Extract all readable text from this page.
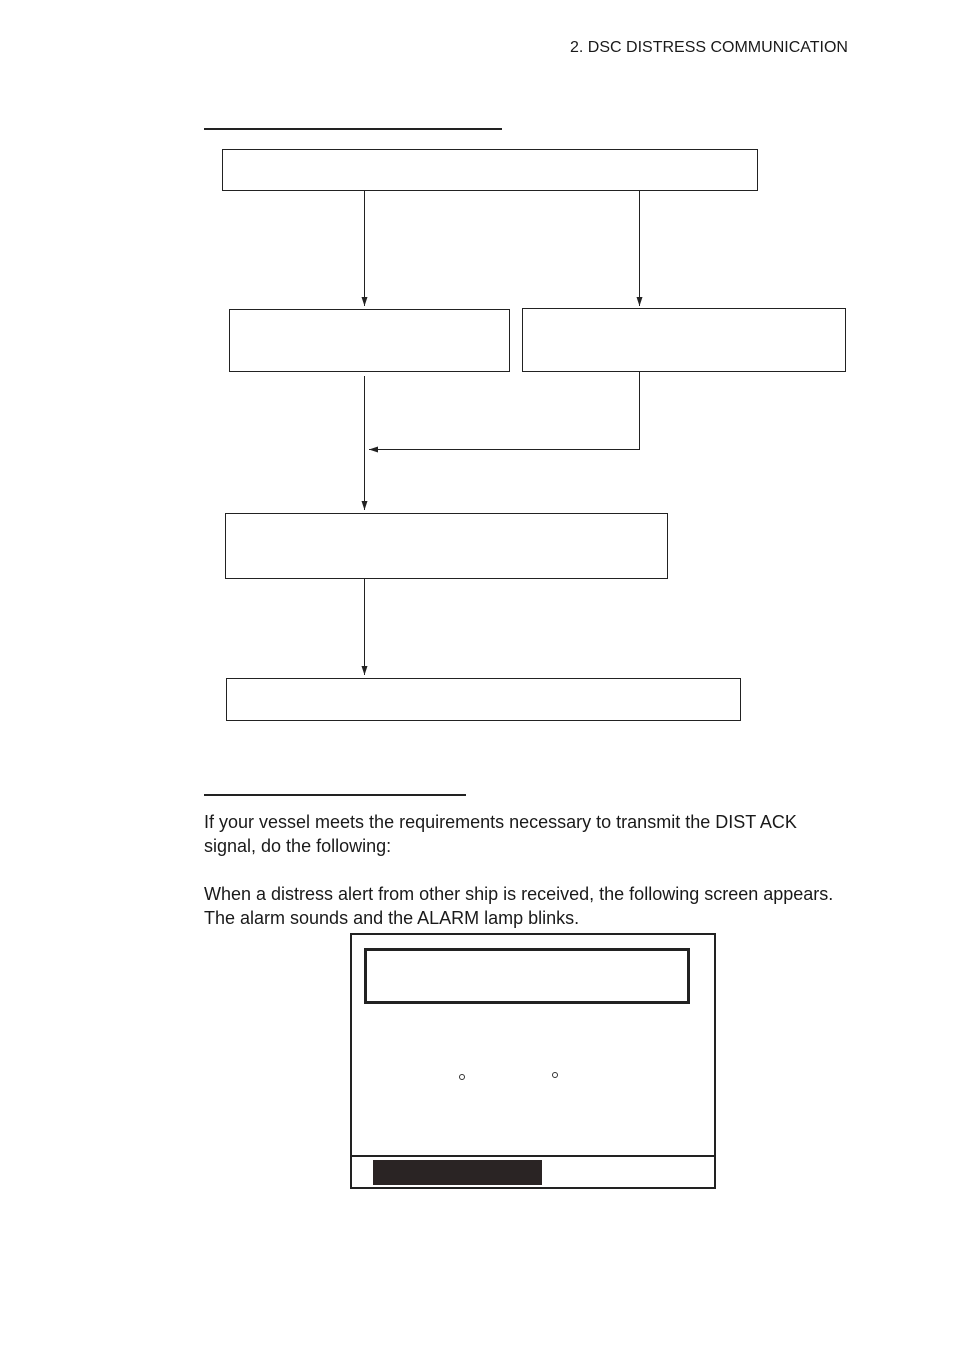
2. DSC DISTRESS COMMUNICATION
If your vessel meets the requirements necessary to transmit the DIST ACK
signal, do the following:
When a distress alert from other ship is received, the following screen appears.
The alarm sounds and the ALARM lamp blinks.
